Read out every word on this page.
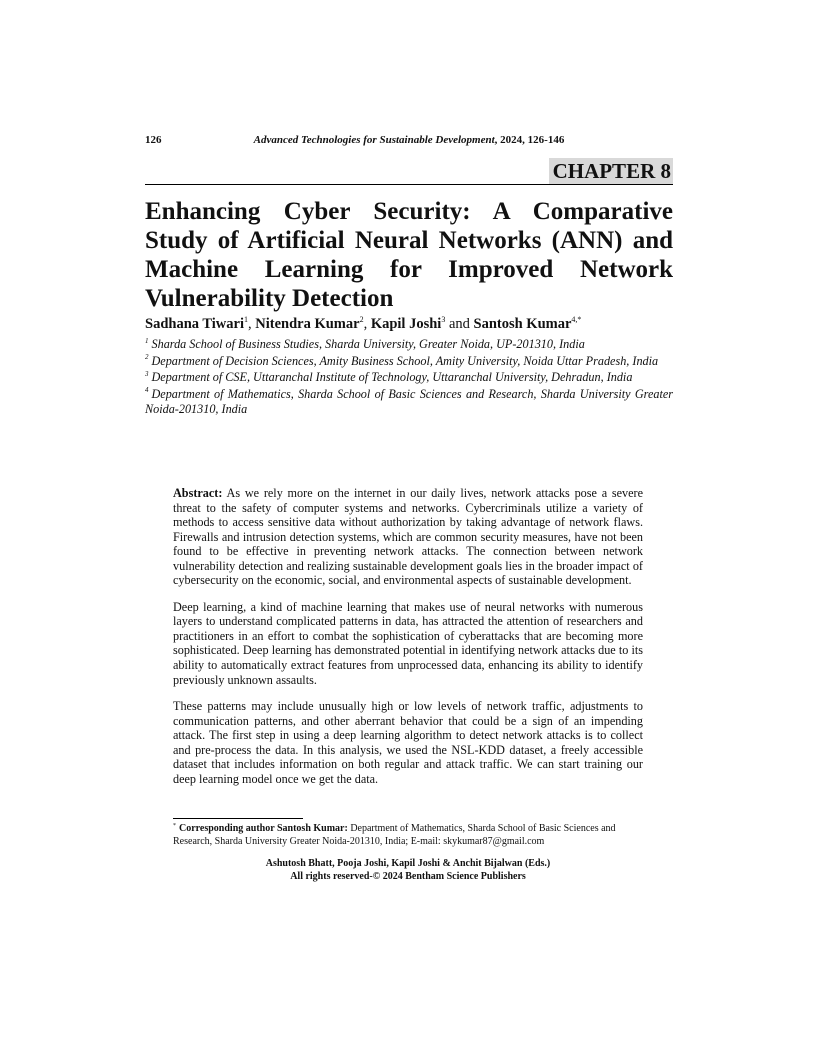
126	Advanced Technologies for Sustainable Development, 2024, 126-146
CHAPTER 8
Enhancing Cyber Security: A Comparative Study of Artificial Neural Networks (ANN) and Machine Learning for Improved Network Vulnerability Detection
Sadhana Tiwari$^1$, Nitendra Kumar$^2$, Kapil Joshi$^3$ and Santosh Kumar$^{4,*}$
$^1$ Sharda School of Business Studies, Sharda University, Greater Noida, UP-201310, India
$^2$ Department of Decision Sciences, Amity Business School, Amity University, Noida Uttar Pradesh, India
$^3$ Department of CSE, Uttaranchal Institute of Technology, Uttaranchal University, Dehradun, India
$^4$ Department of Mathematics, Sharda School of Basic Sciences and Research, Sharda University Greater Noida-201310, India

Abstract: As we rely more on the internet in our daily lives, network attacks pose a severe threat to the safety of computer systems and networks. Cybercriminals utilize a variety of methods to access sensitive data without authorization by taking advantage of network flaws. Firewalls and intrusion detection systems, which are common security measures, have not been found to be effective in preventing network attacks. The connection between network vulnerability detection and realizing sustainable development goals lies in the broader impact of cybersecurity on the economic, social, and environmental aspects of sustainable development.

Deep learning, a kind of machine learning that makes use of neural networks with numerous layers to understand complicated patterns in data, has attracted the attention of researchers and practitioners in an effort to combat the sophistication of cyberattacks that are becoming more sophisticated. Deep learning has demonstrated potential in identifying network attacks due to its ability to automatically extract features from unprocessed data, enhancing its ability to identify previously unknown assaults.

These patterns may include unusually high or low levels of network traffic, adjustments to communication patterns, and other aberrant behavior that could be a sign of an impending attack. The first step in using a deep learning algorithm to detect network attacks is to collect and pre-process the data. In this analysis, we used the NSL-KDD dataset, a freely accessible dataset that includes information on both regular and attack traffic. We can start training our deep learning model once we get the data.

* Corresponding author Santosh Kumar: Department of Mathematics, Sharda School of Basic Sciences and Research, Sharda University Greater Noida-201310, India; E-mail: skykumar87@gmail.com
Ashutosh Bhatt, Pooja Joshi, Kapil Joshi & Anchit Bijalwan (Eds.)
All rights reserved-© 2024 Bentham Science Publishers
